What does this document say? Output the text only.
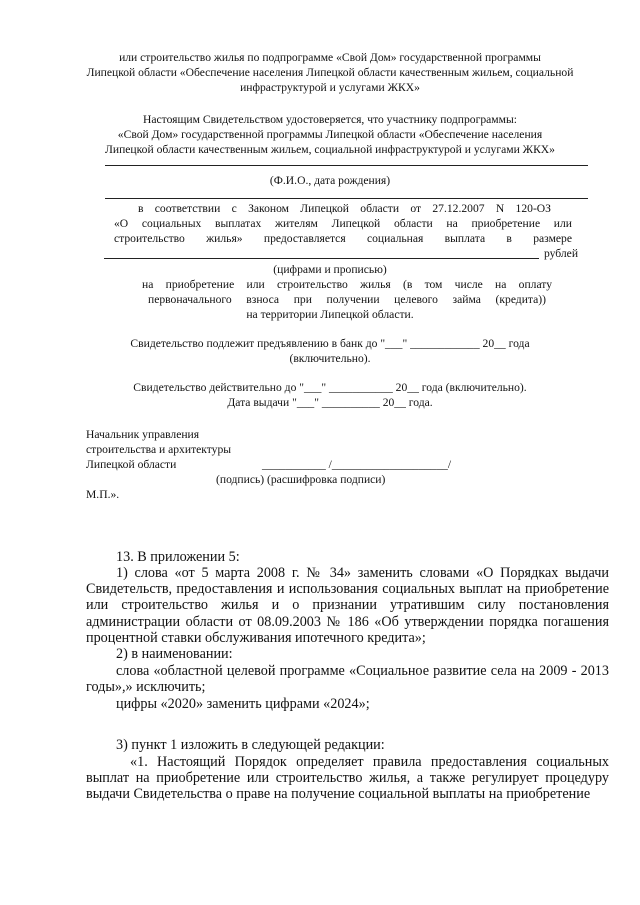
или строительство жилья по подпрограмме «Свой Дом» государственной программы
Липецкой области «Обеспечение населения Липецкой области качественным жильем, социальной
инфраструктурой и услугами ЖКХ»
Настоящим Свидетельством удостоверяется, что участнику подпрограммы:
«Свой Дом» государственной программы Липецкой области «Обеспечение населения
Липецкой области качественным жильем, социальной инфраструктурой и услугами ЖКХ»
(Ф.И.О., дата рождения)
в соответствии с Законом Липецкой области от 27.12.2007 N 120-ОЗ
«О социальных выплатах жителям Липецкой области на приобретение или
строительство жилья» предоставляется социальная выплата в размере
рублей
(цифрами и прописью)
на приобретение или строительство жилья (в том числе на оплату
первоначального взноса при получении целевого займа (кредита))
на территории Липецкой области.
Свидетельство подлежит предъявлению в банк до "___" ____________ 20__ года
(включительно).
Свидетельство действительно до "___" ___________ 20__ года (включительно).
Дата выдачи "___" __________ 20__ года.
Начальник управления
строительства и архитектуры
Липецкой области	___________ /____________________/
(подпись) (расшифровка подписи)
М.П.».
13. В приложении 5:
1) слова «от 5 марта 2008 г. № 34» заменить словами «О Порядках выдачи Свидетельств, предоставления и использования социальных выплат на приобретение или строительство жилья и о признании утратившим силу постановления администрации области от 08.09.2003 № 186 «Об утверждении порядка погашения процентной ставки обслуживания ипотечного кредита»;
2) в наименовании:
слова «областной целевой программе «Социальное развитие села на 2009 - 2013 годы»,» исключить;
цифры «2020» заменить цифрами «2024»;
3) пункт 1 изложить в следующей редакции:
«1. Настоящий Порядок определяет правила предоставления социальных выплат на приобретение или строительство жилья, а также регулирует процедуру выдачи Свидетельства о праве на получение социальной выплаты на приобретение
